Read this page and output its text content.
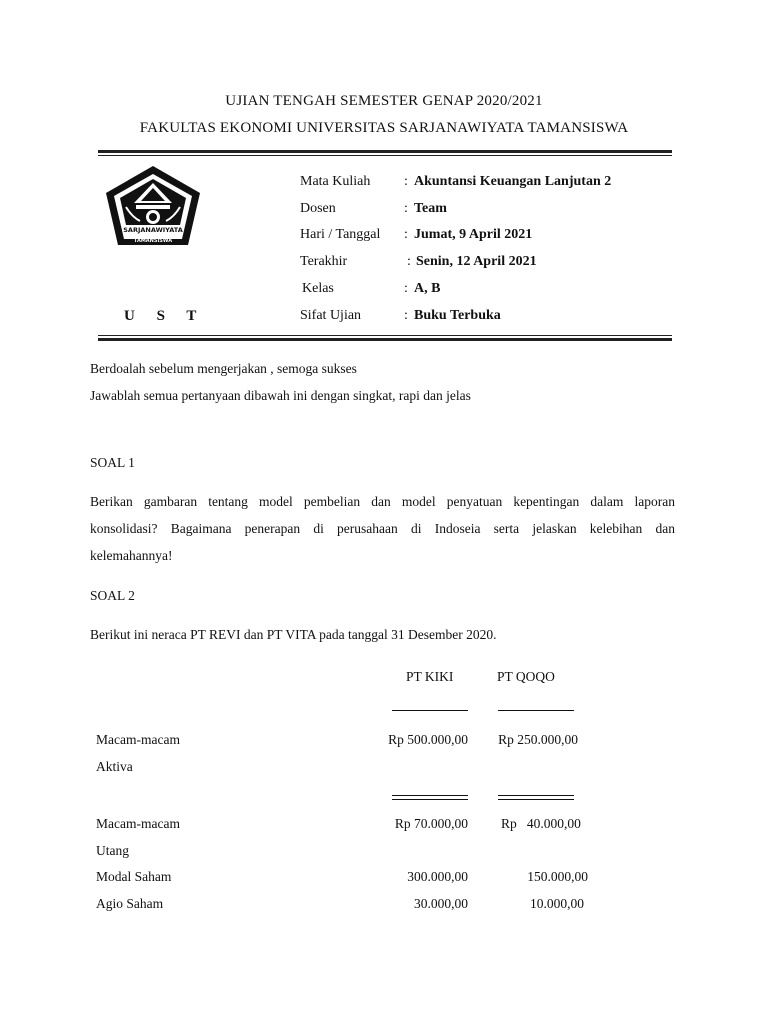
UJIAN TENGAH SEMESTER GENAP 2020/2021
FAKULTAS EKONOMI UNIVERSITAS SARJANAWIYATA TAMANSISWA
SARJANAWIYATA
TAMANSISWA
U S T
Mata Kuliah : Akuntansi Keuangan Lanjutan 2
Dosen	: Team
Hari / Tanggal : Jumat, 9 April 2021
Terakhir	: Senin, 12 April 2021
Kelas	: A, B
Sifat Ujian	: Buku Terbuka
Berdoalah sebelum mengerjakan , semoga sukses
Jawablah semua pertanyaan dibawah ini dengan singkat, rapi dan jelas
SOAL 1
Berikan gambaran tentang model pembelian dan model penyatuan kepentingan dalam laporan
konsolidasi? Bagaimana penerapan di perusahaan di Indoseia serta jelaskan kelebihan dan
kelemahannya!
SOAL 2
Berikut ini neraca PT REVI dan PT VITA pada tanggal 31 Desember 2020.
PT KIKI	PT QOQO
Macam-macam
Aktiva
Rp 500.000,00	Rp 250.000,00
Macam-macam
Utang
Rp 70.000,00 Rp   40.000,00
Modal Saham	300.000,00	150.000,00
Agio Saham	30.000,00	10.000,00
